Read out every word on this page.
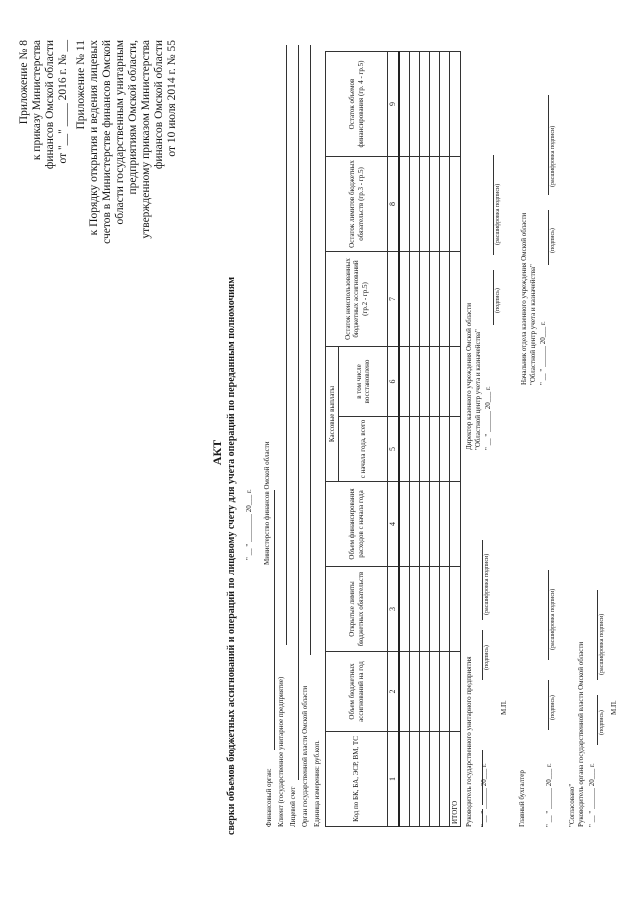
Приложение № 8 к приказу Министерства финансов Омской области от "__" ____ 2016 г. № __ Приложение № 11 к Порядку открытия и ведения лицевых счетов в Министерстве финансов Омской области государственным унитарным предприятиям Омской области, утвержденному приказом Министерства финансов Омской области от 10 июля 2014 г. № 55
АКТ сверки объемов бюджетных ассигнований и операций по лицевому счету для учета операций по переданным полномочиям " __ " ________ 20___ г.
Финансовый орган:
Министерство финансов Омской области
Клиент (государственное унитарное предприятие) Лицевой счет Орган государственной власти Омской области Единица измерения: руб.коп.	Код по БК, БА, ЭСР, ВМ, ТС	Объем бюджетных ассигнований на год	Открытые лимиты бюджетных обязательств	Объем финансирования расходов с начала года	Кассовые выплаты		Остаток неиспользованных бюджетных ассигнований (гр.2 - гр.5)	Остаток лимитов бюджетных обязательств (гр.3 - гр.5)	Остаток объемов финансирования (гр. 4 - гр.5)
				с начала года, всего	в том числе восстановлено			
1	2	3	4	5	6	7	8	9

ИТОГО								Руководитель государственного унитарного предприятия " __ " ______ 20___ г.
(подпись)
(расшифровка подписи)
М.П.
Главный бухгалтер	" __ " ______ 20___ г.
(подпись)
(расшифровка подписи)
"Согласовано" Руководитель органа государственной власти Омской области " __ " ______ 20___ г.
(подпись)
(расшифровка подписи)
М.П.
Директор казенного учреждения Омской области "Областной центр учета и казначейства" " __ " ______ 20___ г.
(подпись)
(расшифровка подписи)	Начальник отдела казенного учреждения Омской области "Областной центр учета и казначейства" " __ " ______ 20___ г.
(подпись)
(расшифровка подписи)
